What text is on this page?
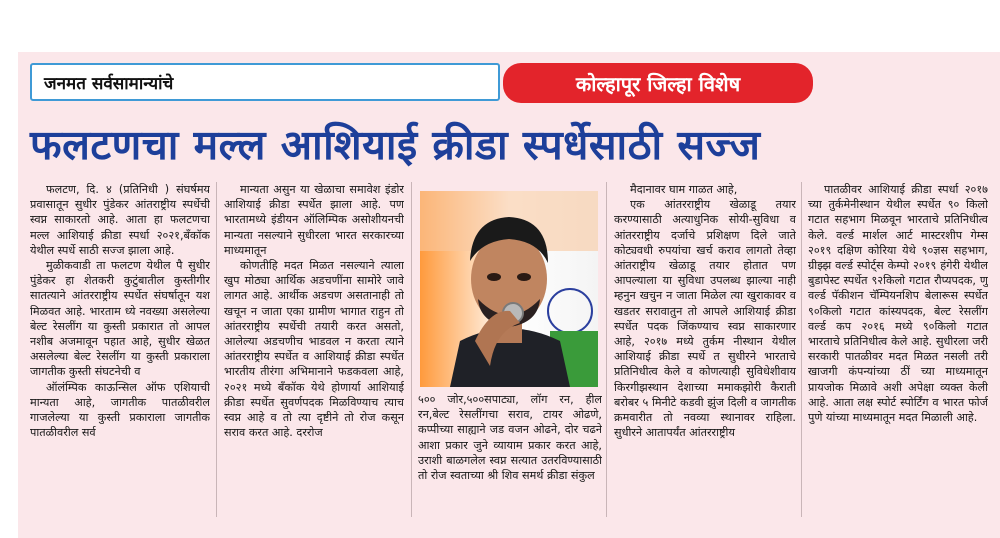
जनमत सर्वसामान्यांचे	कोल्हापूर जिल्हा विशेष
फलटणचा मल्ल आशियाई क्रीडा स्पर्धेसाठी सज्ज

फलटण, दि. ४ (प्रतिनिधी ) संघर्षमय प्रवासातून सुधीर पुंडेकर आंतराष्ट्रीय स्पर्धेची स्वप्न साकारतो आहे. आता हा फलटणचा मल्ल आशियाई क्रीडा स्पर्धा २०२१,बँकॉक येथील स्पर्धे साठी सज्ज झाला आहे.

मुळीकवाडी ता फलटण येथील पै सुधीर पुंडेकर हा शेतकरी कुटुंबातील कुस्तीगीर सातत्याने आंतरराष्ट्रीय स्पर्धेत संघर्षातून यश मिळवत आहे. भारताम ध्ये नवख्या असलेल्या बेल्ट रेसलींग या कुस्ती प्रकारात तो आपल नशीब अजमावून पहात आहे, सुधीर खेळत असलेल्या बेल्ट रेसलींग या कुस्ती प्रकाराला जागतीक कुस्ती संघटनेची व

ऑलंम्पिक काऊन्सिल ऑफ एशियाची मान्यता आहे, जागतीक पातळीवरील गाजलेल्या या कुस्ती प्रकाराला जागतीक पातळीवरील सर्व

मान्यता असुन या खेळाचा समावेश इंडोर आशियाई क्रीडा स्पर्धेत झाला आहे. पण भारतामध्ये इंडीयन ऑलिम्पिक असोशीयनची मान्यता नसल्याने सुधीरला भारत सरकारच्या माध्यमातून

कोणतीहि मदत मिळत नसल्याने त्याला खुप मोठ्या आर्थिक अडचणींना सामोरे जावे लागत आहे. आर्थीक अडचण असतानाही तो खचून न जाता एका ग्रामीण भागात राहुन तो आंतरराष्ट्रीय स्पर्धेची तयारी करत असतो, आलेल्या अडचणीच भाडवल न करता त्याने आंतरराष्ट्रीय स्पर्धेत व आशियाई क्रीडा स्पर्धेत भारतीय तीरंगा अभिमानाने फडकवला आहे, २०२१ मध्ये बँकॉक येथे होणार्या आशियाई क्रीडा स्पर्धेत सुवर्णपदक मिळविण्याच त्याच स्वप्न आहे व तो त्या दृष्टीने तो रोज कसून सराव करत आहे. दररोज

५०० जोर,५००सपाट्या, लॉग रन, हील रन,बेल्ट रेसलींगचा सराव, टायर ओढणे, कप्पीच्या साह्याने जड वजन ओढने, दोर चढने आशा प्रकार जुने व्यायाम प्रकार करत आहे, उराशी बाळगलेल स्वप्न सत्यात उतरविण्यासाठी तो रोज स्वताच्या श्री शिव समर्थ क्रीडा संकुल

मैदानावर घाम गाळत आहे,

एक आंतरराष्ट्रीय खेळाडू तयार करण्यासाठी अत्याधुनिक सोयी-सुविधा व आंतरराष्ट्रीय दर्जाचे प्रशिक्षण दिले जाते कोट्यवधी रुपयांचा खर्च कराव लागतो तेव्हा आंतराष्ट्रीय खेळाडू तयार होतात पण आपल्याला या सुविधा उपलब्ध झाल्या नाही म्हनुन खचुन न जाता मिळेल त्या खुराकावर व खडतर सरावातुन तो आपले आशियाई क्रीडा स्पर्धेत पदक जिंकण्याच स्वप्न साकारणार आहे, २०१७ मध्ये तुर्कम नीस्थान येथील आशियाई क्रीडा स्पर्धे त सुधीरने भारताचे प्रतिनिधीत्व केले व कोणत्याही सुविधेशीवाय किरगीझस्थान देशाच्या ममाकझोरी कैराती बरोबर ५ मिनीटे कडवी झुंज दिली व जागतीक क्रमवारीत तो नवव्या स्थानावर राहिला. सुधीरने आतापर्यंत आंतरराष्ट्रीय

पातळीवर आशियाई क्रीडा स्पर्धा २०१७ च्या तुर्कमेनीस्थान येथील स्पर्धेत ९० किलो गटात सहभाग मिळवून भारताचे प्रतिनिधीत्व केले. वर्ल्ड मार्शल आर्ट मास्टरशीप गेम्स २०१९ दक्षिण कोरिया येथे ९०ज्ञस सहभाग, ग्रीझ्झ वर्ल्ड स्पोर्ट्स केम्पो २०१९ हंगेरी येथील बुडापेस्ट स्पर्धेत ९२किलो गटात रौप्यपदक, णु वर्ल्ड पॅकीशन चॅम्पियनशिप बेलारूस स्पर्धेत ९०किलो गटात कांस्यपदक, बेल्ट रेसलींग वर्ल्ड कप २०१६ मध्ये ९०किलो गटात भारताचे प्रतिनिधीत्व केले आहे. सुधीरला जरी सरकारी पातळीवर मदत मिळत नसली तरी खाजगी कंपन्यांच्या ठीं च्या माध्यमातून प्रायजोक मिळावे अशी अपेक्षा व्यक्त केली आहे. आता लक्ष स्पोर्ट स्पोर्टिंग व भारत फोर्ज पुणे यांच्या माध्यमातून मदत मिळाली आहे.
